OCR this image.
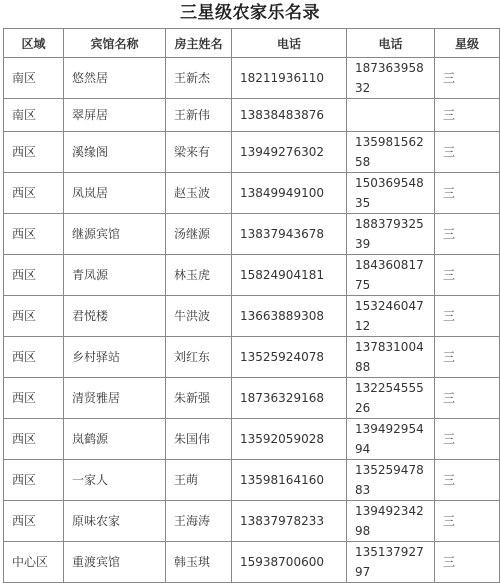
三星级农家乐名录
区域	宾馆名称	房主姓名	电话	电话	星级
南区	悠然居	王新杰	18211936110	18736395832	三
南区	翠屏居	王新伟	13838483876		三
西区	溪缘阁	梁来有	13949276302	13598156258	三
西区	凤岚居	赵玉波	13849949100	15036954835	三
西区	继源宾馆	汤继源	13837943678	18837932539	三
西区	青凤源	林玉虎	15824904181	18436081775	三
西区	君悦楼	牛洪波	13663889308	15324604712	三
西区	乡村驿站	刘红东	13525924078	13783100488	三
西区	清贤雅居	朱新强	18736329168	13225455526	三
西区	岚鹤源	朱国伟	13592059028	13949295494	三
西区	一家人	王萌	13598164160	13525947883	三
西区	原味农家	王海涛	13837978233	13949234298	三
中心区	重渡宾馆	韩玉琪	15938700600	13513792797	三
